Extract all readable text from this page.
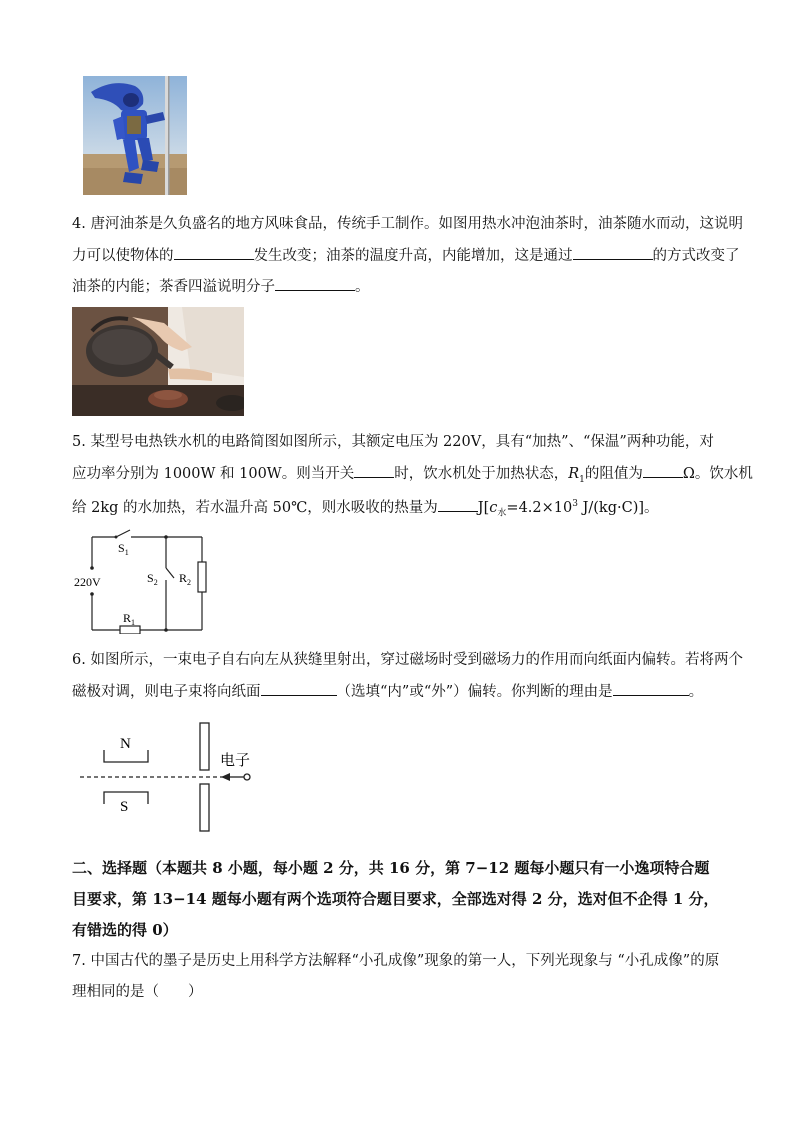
4. 唐河油茶是久负盛名的地方风味食品，传统手工制作。如图用热水冲泡油茶时，油茶随水而动，这说明
力可以使物体的	发生改变；油茶的温度升高，内能增加，这是通过	的方式改变了
油茶的内能；茶香四溢说明分子	。
5. 某型号电热铁水机的电路简图如图所示，其额定电压为 220V，具有“加热”、“保温”两种功能，对
应功率分别为 1000W 和 100W。则当开关	时，饮水机处于加热状态，$R_1$的阻值为	Ω。饮水机
给 2kg 的水加热，若水温升高 50℃，则水吸收的热量为	$J[c_水=4.2\times 10^3$ J/(kg·C)]。
$S_1$
$S_2$ $R_2$
$R_1$
220V
6. 如图所示，一束电子自右向左从狭缝里射出，穿过磁场时受到磁场力的作用而向纸面内偏转。若将两个
磁极对调，则电子束将向纸面	（选填“内”或“外”）偏转。你判断的理由是	。
N
S
电子
二、选择题（本题共 8 小题，每小题 2 分，共 16 分，第 7−12 题每小题只有一小逸项特合题
目要求，第 13−14 题每小题有两个选项符合题目要求，全部选对得 2 分，选对但不企得 1 分，
有错选的得 0）
7. 中国古代的墨子是历史上用科学方法解释“小孔成像”现象的第一人，下列光现象与 “小孔成像”的原
理相同的是（　　）
